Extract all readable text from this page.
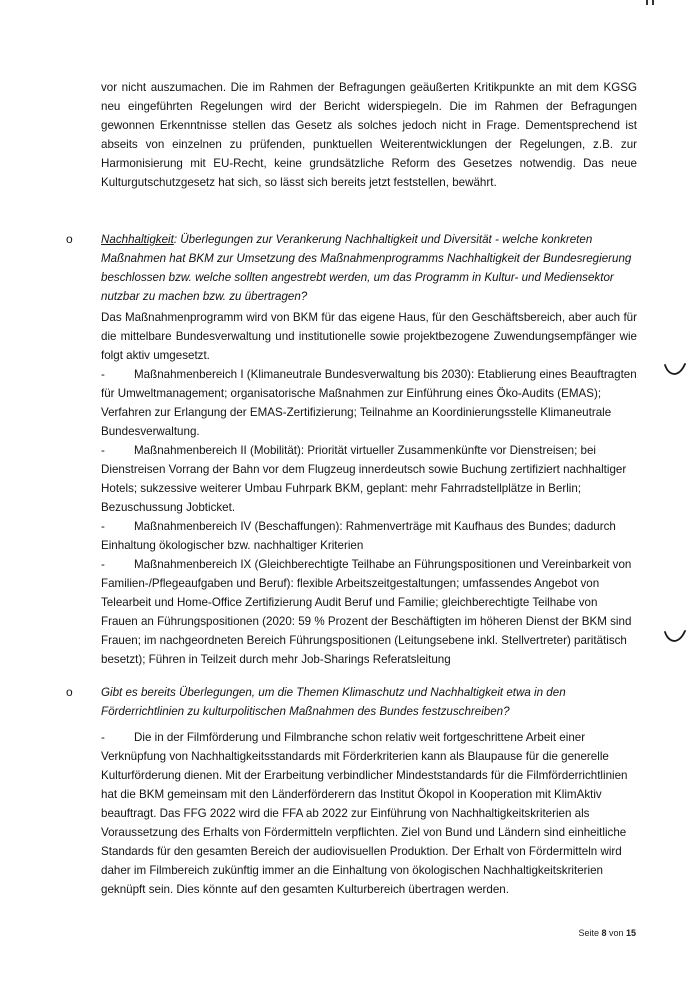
vor nicht auszumachen. Die im Rahmen der Befragungen geäußerten Kritikpunkte an mit dem KGSG neu eingeführten Regelungen wird der Bericht widerspiegeln. Die im Rahmen der Befragungen gewonnen Erkenntnisse stellen das Gesetz als solches jedoch nicht in Frage. Dementsprechend ist abseits von einzelnen zu prüfenden, punktuellen Weiterentwicklungen der Regelungen, z.B. zur Harmonisierung mit EU-Recht, keine grundsätzliche Reform des Gesetzes notwendig. Das neue Kulturgutschutzgesetz hat sich, so lässt sich bereits jetzt feststellen, bewährt.

o Nachhaltigkeit: Überlegungen zur Verankerung Nachhaltigkeit und Diversität - welche konkreten Maßnahmen hat BKM zur Umsetzung des Maßnahmenprogramms Nachhaltigkeit der Bundesregierung beschlossen bzw. welche sollten angestrebt werden, um das Programm in Kultur- und Mediensektor nutzbar zu machen bzw. zu übertragen?

Das Maßnahmenprogramm wird von BKM für das eigene Haus, für den Geschäftsbereich, aber auch für die mittelbare Bundesverwaltung und institutionelle sowie projektbezogene Zuwendungsempfänger wie folgt aktiv umgesetzt.

-	Maßnahmenbereich I (Klimaneutrale Bundesverwaltung bis 2030): Etablierung eines Beauftragten für Umweltmanagement; organisatorische Maßnahmen zur Einführung eines Öko-Audits (EMAS); Verfahren zur Erlangung der EMAS-Zertifizierung; Teilnahme an Koordinierungsstelle Klimaneutrale Bundesverwaltung.

-	Maßnahmenbereich II (Mobilität): Priorität virtueller Zusammenkünfte vor Dienstreisen; bei Dienstreisen Vorrang der Bahn vor dem Flugzeug innerdeutsch sowie Buchung zertifiziert nachhaltiger Hotels; sukzessive weiterer Umbau Fuhrpark BKM, geplant: mehr Fahrradstellplätze in Berlin; Bezuschussung Jobticket.

-	Maßnahmenbereich IV (Beschaffungen): Rahmenverträge mit Kaufhaus des Bundes; dadurch Einhaltung ökologischer bzw. nachhaltiger Kriterien

-	Maßnahmenbereich IX (Gleichberechtigte Teilhabe an Führungspositionen und Vereinbarkeit von Familien-/Pflegeaufgaben und Beruf): flexible Arbeitszeitgestaltungen; umfassendes Angebot von Telearbeit und Home-Office Zertifizierung Audit Beruf und Familie; gleichberechtigte Teilhabe von Frauen an Führungspositionen (2020: 59 % Prozent der Beschäftigten im höheren Dienst der BKM sind Frauen; im nachgeordneten Bereich Führungspositionen (Leitungsebene inkl. Stellvertreter) paritätisch besetzt); Führen in Teilzeit durch mehr Job-Sharings Referatsleitung

o Gibt es bereits Überlegungen, um die Themen Klimaschutz und Nachhaltigkeit etwa in den Förderrichtlinien zu kulturpolitischen Maßnahmen des Bundes festzuschreiben?

-	Die in der Filmförderung und Filmbranche schon relativ weit fortgeschrittene Arbeit einer Verknüpfung von Nachhaltigkeitsstandards mit Förderkriterien kann als Blaupause für die generelle Kulturförderung dienen. Mit der Erarbeitung verbindlicher Mindeststandards für die Filmförderrichtlinien hat die BKM gemeinsam mit den Länderförderern das Institut Ökopol in Kooperation mit KlimAktiv beauftragt. Das FFG 2022 wird die FFA ab 2022 zur Einführung von Nachhaltigkeitskriterien als Voraussetzung des Erhalts von Fördermitteln verpflichten. Ziel von Bund und Ländern sind einheitliche Standards für den gesamten Bereich der audiovisuellen Produktion. Der Erhalt von Fördermitteln wird daher im Filmbereich zukünftig immer an die Einhaltung von ökologischen Nachhaltigkeitskriterien geknüpft sein. Dies könnte auf den gesamten Kulturbereich übertragen werden.

Seite 8 von 15
